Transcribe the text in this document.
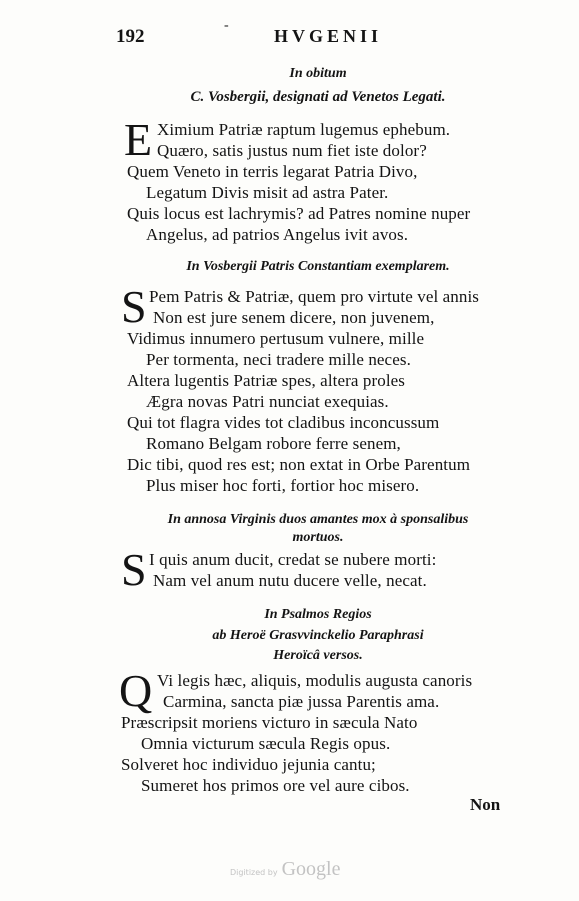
192
-
HVGENII
In obitum
C. Vosbergii, designati ad Venetos Legati.
E Ximium Patriæ raptum lugemus ephebum.
Quæro, satis justus num fiet iste dolor?
Quem Veneto in terris legarat Patria Divo,
Legatum Divis misit ad astra Pater.
Quis locus est lachrymis? ad Patres nomine nuper
Angelus, ad patrios Angelus ivit avos.
In Vosbergii Patris Constantiam exemplarem.
S Pem Patris & Patriæ, quem pro virtute vel annis
Non est jure senem dicere, non juvenem,
Vidimus innumero pertusum vulnere, mille
Per tormenta, neci tradere mille neces.
Altera lugentis Patriæ spes, altera proles
Ægra novas Patri nunciat exequias.
Qui tot flagra vides tot cladibus inconcussum
Romano Belgam robore ferre senem,
Dic tibi, quod res est; non extat in Orbe Parentum
Plus miser hoc forti, fortior hoc misero.
In annosa Virginis duos amantes mox à sponsalibus
mortuos.
S I quis anum ducit, credat se nubere morti:
Nam vel anum nutu ducere velle, necat.
In Psalmos Regios
ab Heroë Grasvvinckelio Paraphrasi
Heroïcâ versos.
Q Vi legis hæc, aliquis, modulis augusta canoris
Carmina, sancta piæ jussa Parentis ama.
Præscripsit moriens victuro in sæcula Nato
Omnia victurum sæcula Regis opus.
Solveret hoc individuo jejunia cantu;
Sumeret hos primos ore vel aure cibos.
Non
Digitized by Google
